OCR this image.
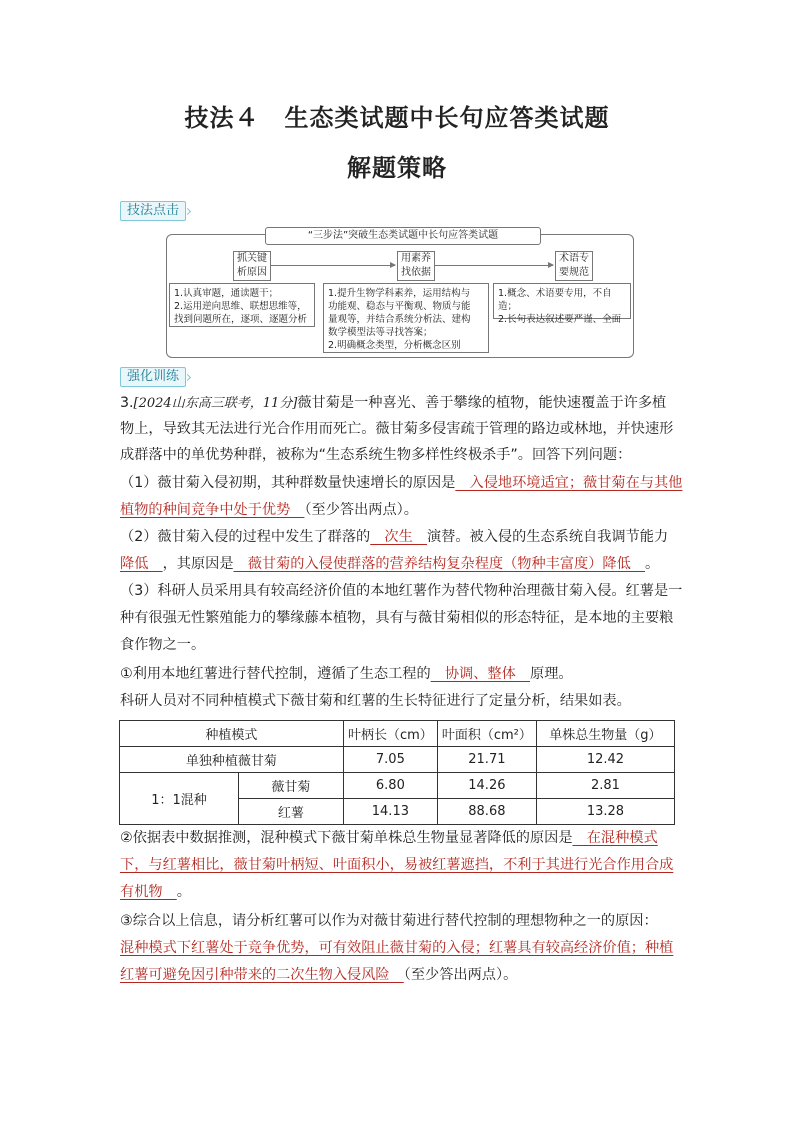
技法４　生态类试题中长句应答类试题
解题策略
技法点击
“三步法”突破生态类试题中长句应答类试题
抓关键析原因
用素养找依据
术语专要规范
1.认真审题，通读题干；
2.运用逆向思维、联想思维等，
找到问题所在，逐项、逐题分析
1.提升生物学科素养，运用结构与
功能观、稳态与平衡观、物质与能
量观等，并结合系统分析法、建构
数学模型法等寻找答案；
2.明确概念类型，分析概念区别
1.概念、术语要专用，不自造；
2.长句表达叙述要严谨、全面
强化训练
3.[2024山东高三联考，11分]薇甘菊是一种喜光、善于攀缘的植物，能快速覆盖于许多植
物上，导致其无法进行光合作用而死亡。薇甘菊多侵害疏于管理的路边或林地，并快速形
成群落中的单优势种群，被称为“生态系统生物多样性终极杀手”。回答下列问题：
（1）薇甘菊入侵初期，其种群数量快速增长的原因是　入侵地环境适宜；薇甘菊在与其他
植物的种间竞争中处于优势　（至少答出两点）。
（2）薇甘菊入侵的过程中发生了群落的　次生　演替。被入侵的生态系统自我调节能力
降低　，其原因是　薇甘菊的入侵使群落的营养结构复杂程度（物种丰富度）降低　。
（3）科研人员采用具有较高经济价值的本地红薯作为替代物种治理薇甘菊入侵。红薯是一
种有很强无性繁殖能力的攀缘藤本植物，具有与薇甘菊相似的形态特征，是本地的主要粮
食作物之一。
①利用本地红薯进行替代控制，遵循了生态工程的　协调、整体　原理。
科研人员对不同种植模式下薇甘菊和红薯的生长特征进行了定量分析，结果如表。
种植模式		叶柄长（cm）	叶面积（cm²）	单株总生物量（g）
单独种植薇甘菊		7.05	21.71	12.42
1：1混种	薇甘菊	6.80	14.26	2.81
	红薯	14.13	88.68	13.28
②依据表中数据推测，混种模式下薇甘菊单株总生物量显著降低的原因是　在混种模式
下，与红薯相比，薇甘菊叶柄短、叶面积小，易被红薯遮挡，不利于其进行光合作用合成
有机物　。
③综合以上信息，请分析红薯可以作为对薇甘菊进行替代控制的理想物种之一的原因：
混种模式下红薯处于竞争优势，可有效阻止薇甘菊的入侵；红薯具有较高经济价值；种植
红薯可避免因引种带来的二次生物入侵风险　（至少答出两点）。
